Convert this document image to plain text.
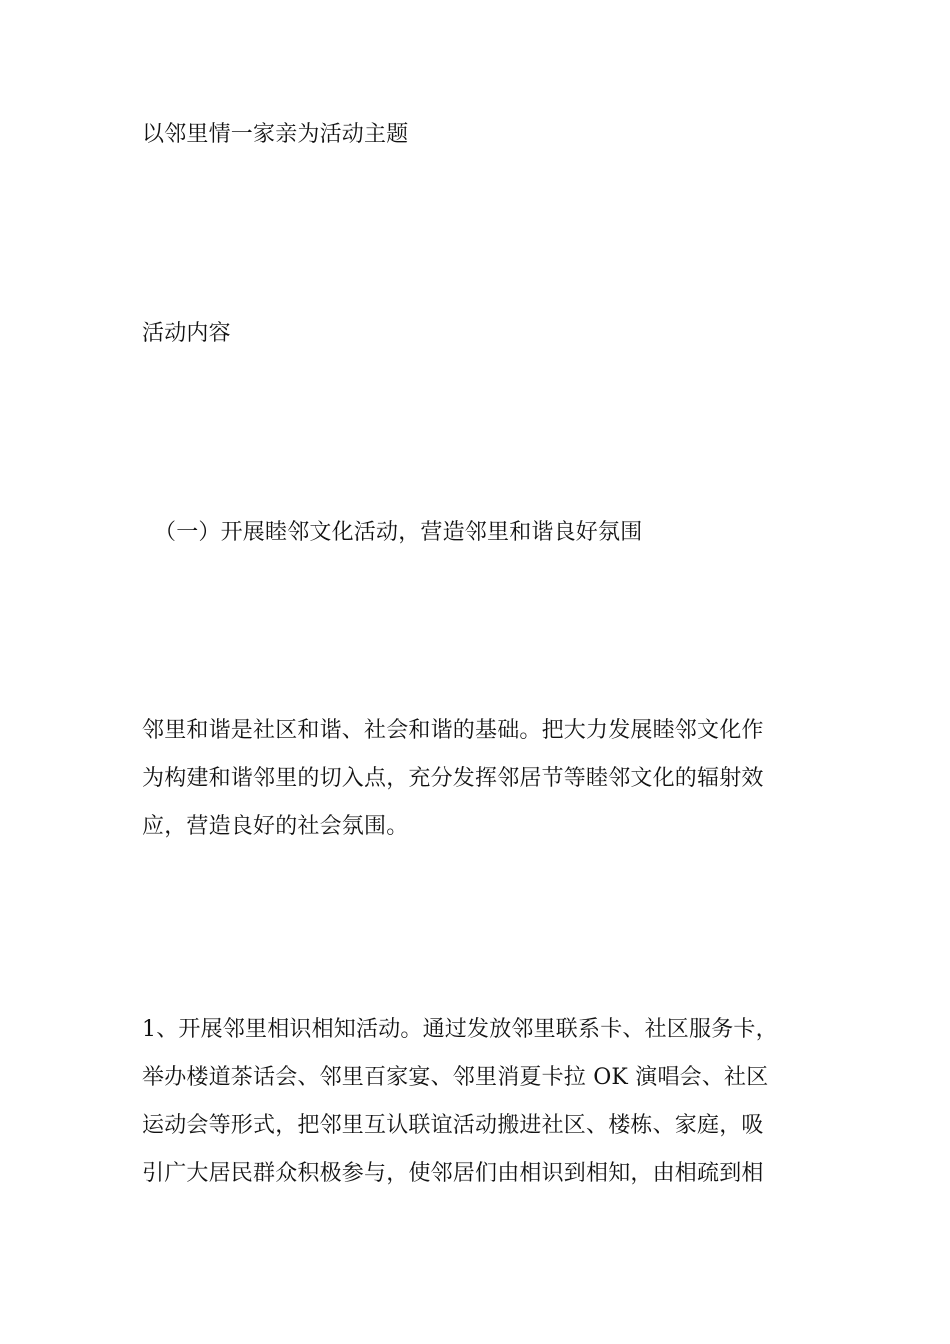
以邻里情一家亲为活动主题
活动内容
（一）开展睦邻文化活动，营造邻里和谐良好氛围
邻里和谐是社区和谐、社会和谐的基础。把大力发展睦邻文化作
为构建和谐邻里的切入点，充分发挥邻居节等睦邻文化的辐射效
应，营造良好的社会氛围。
1、开展邻里相识相知活动。通过发放邻里联系卡、社区服务卡，
举办楼道茶话会、邻里百家宴、邻里消夏卡拉 OK 演唱会、社区
运动会等形式，把邻里互认联谊活动搬进社区、楼栋、家庭，吸
引广大居民群众积极参与，使邻居们由相识到相知，由相疏到相
